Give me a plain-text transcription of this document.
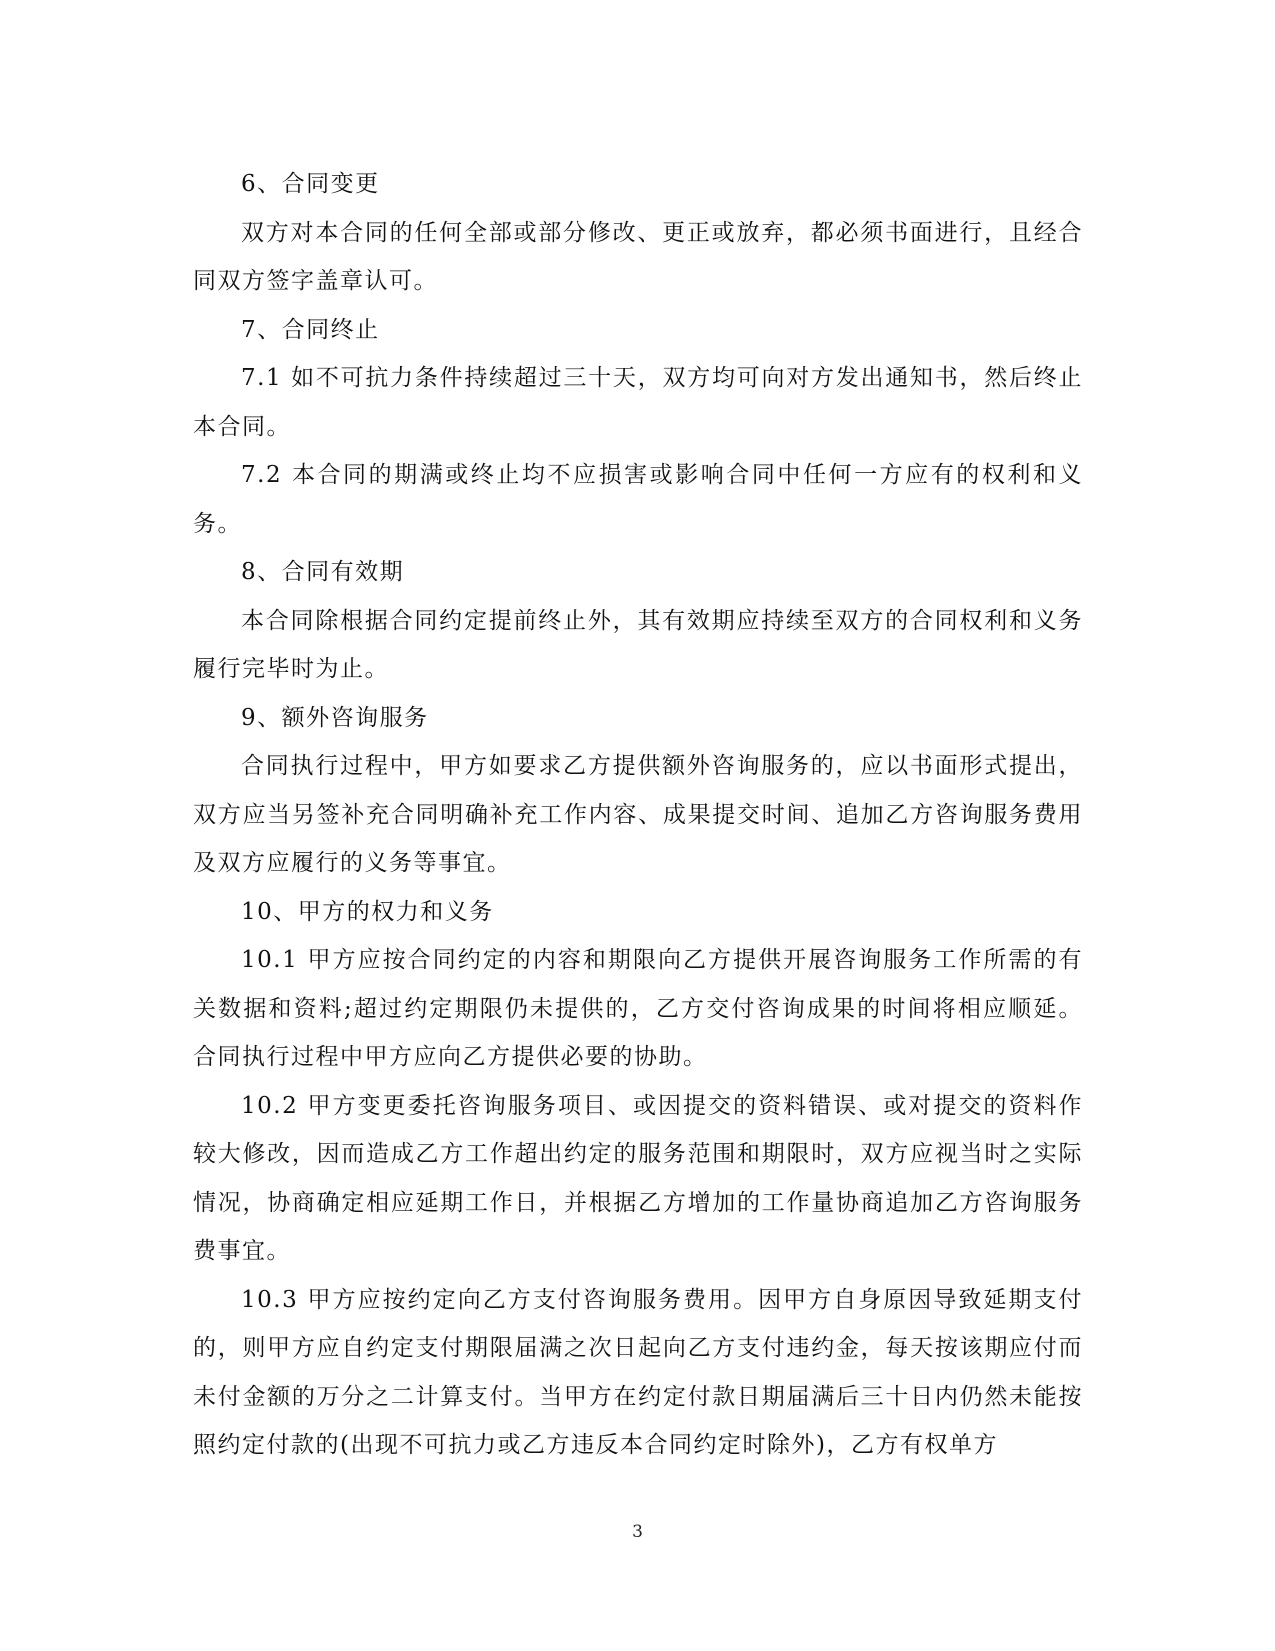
6、合同变更

双方对本合同的任何全部或部分修改、更正或放弃，都必须书面进行，且经合同双方签字盖章认可。

7、合同终止

7.1 如不可抗力条件持续超过三十天，双方均可向对方发出通知书，然后终止本合同。

7.2 本合同的期满或终止均不应损害或影响合同中任何一方应有的权利和义务。

8、合同有效期

本合同除根据合同约定提前终止外，其有效期应持续至双方的合同权利和义务履行完毕时为止。

9、额外咨询服务

合同执行过程中，甲方如要求乙方提供额外咨询服务的，应以书面形式提出，双方应当另签补充合同明确补充工作内容、成果提交时间、追加乙方咨询服务费用及双方应履行的义务等事宜。

10、甲方的权力和义务

10.1 甲方应按合同约定的内容和期限向乙方提供开展咨询服务工作所需的有关数据和资料;超过约定期限仍未提供的，乙方交付咨询成果的时间将相应顺延。合同执行过程中甲方应向乙方提供必要的协助。

10.2 甲方变更委托咨询服务项目、或因提交的资料错误、或对提交的资料作较大修改，因而造成乙方工作超出约定的服务范围和期限时，双方应视当时之实际情况，协商确定相应延期工作日，并根据乙方增加的工作量协商追加乙方咨询服务费事宜。

10.3 甲方应按约定向乙方支付咨询服务费用。因甲方自身原因导致延期支付的，则甲方应自约定支付期限届满之次日起向乙方支付违约金，每天按该期应付而未付金额的万分之二计算支付。当甲方在约定付款日期届满后三十日内仍然未能按照约定付款的(出现不可抗力或乙方违反本合同约定时除外)，乙方有权单方

3
